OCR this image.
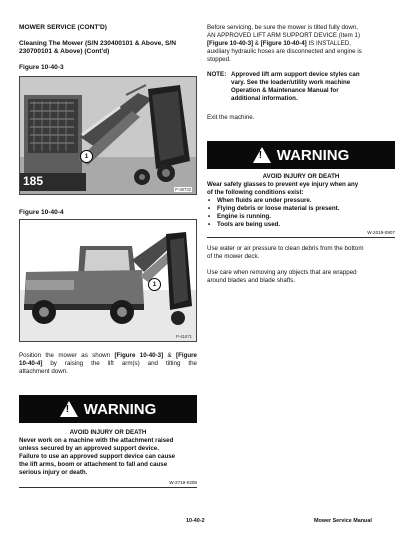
MOWER SERVICE (CONT'D)
Cleaning The Mower (S/N 230400101 & Above, S/N
230700101 & Above) (Cont'd)
Figure 10-40-3
185
1
P-38732
Figure 10-40-4
1
P-41671
Position the mower as shown [Figure 10-40-3] & [Figure
10-40-4] by raising the lift arm(s) and tilting the
attachment down.
! WARNING
AVOID INJURY OR DEATH
Never work on a machine with the attachment raised
unless secured by an approved support device.
Failure to use an approved support device can cause
the lift arms, boom or attachment to fall and cause
serious injury or death.
W-2719-0208
Before servicing, be sure the mower is tilted fully down,
AN APPROVED LIFT ARM SUPPORT DEVICE (Item 1)
[Figure 10-40-3] & [Figure 10-40-4] IS INSTALLED,
auxiliary hydraulic hoses are disconnected and engine is
stopped.
NOTE: Approved lift arm support device styles can
vary. See the loader/utility work machine
Operation & Maintenance Manual for
additional information.
Exit the machine.
! WARNING
AVOID INJURY OR DEATH
Wear safety glasses to prevent eye injury when any
of the following conditions exist:
• When fluids are under pressure.
• Flying debris or loose material is present.
• Engine is running.
• Tools are being used.
W-2019-0907
Use water or air pressure to clean debris from the bottom
of the mower deck.
Use care when removing any objects that are wrapped
around blades and blade shafts.
10-40-2	Mower Service Manual
